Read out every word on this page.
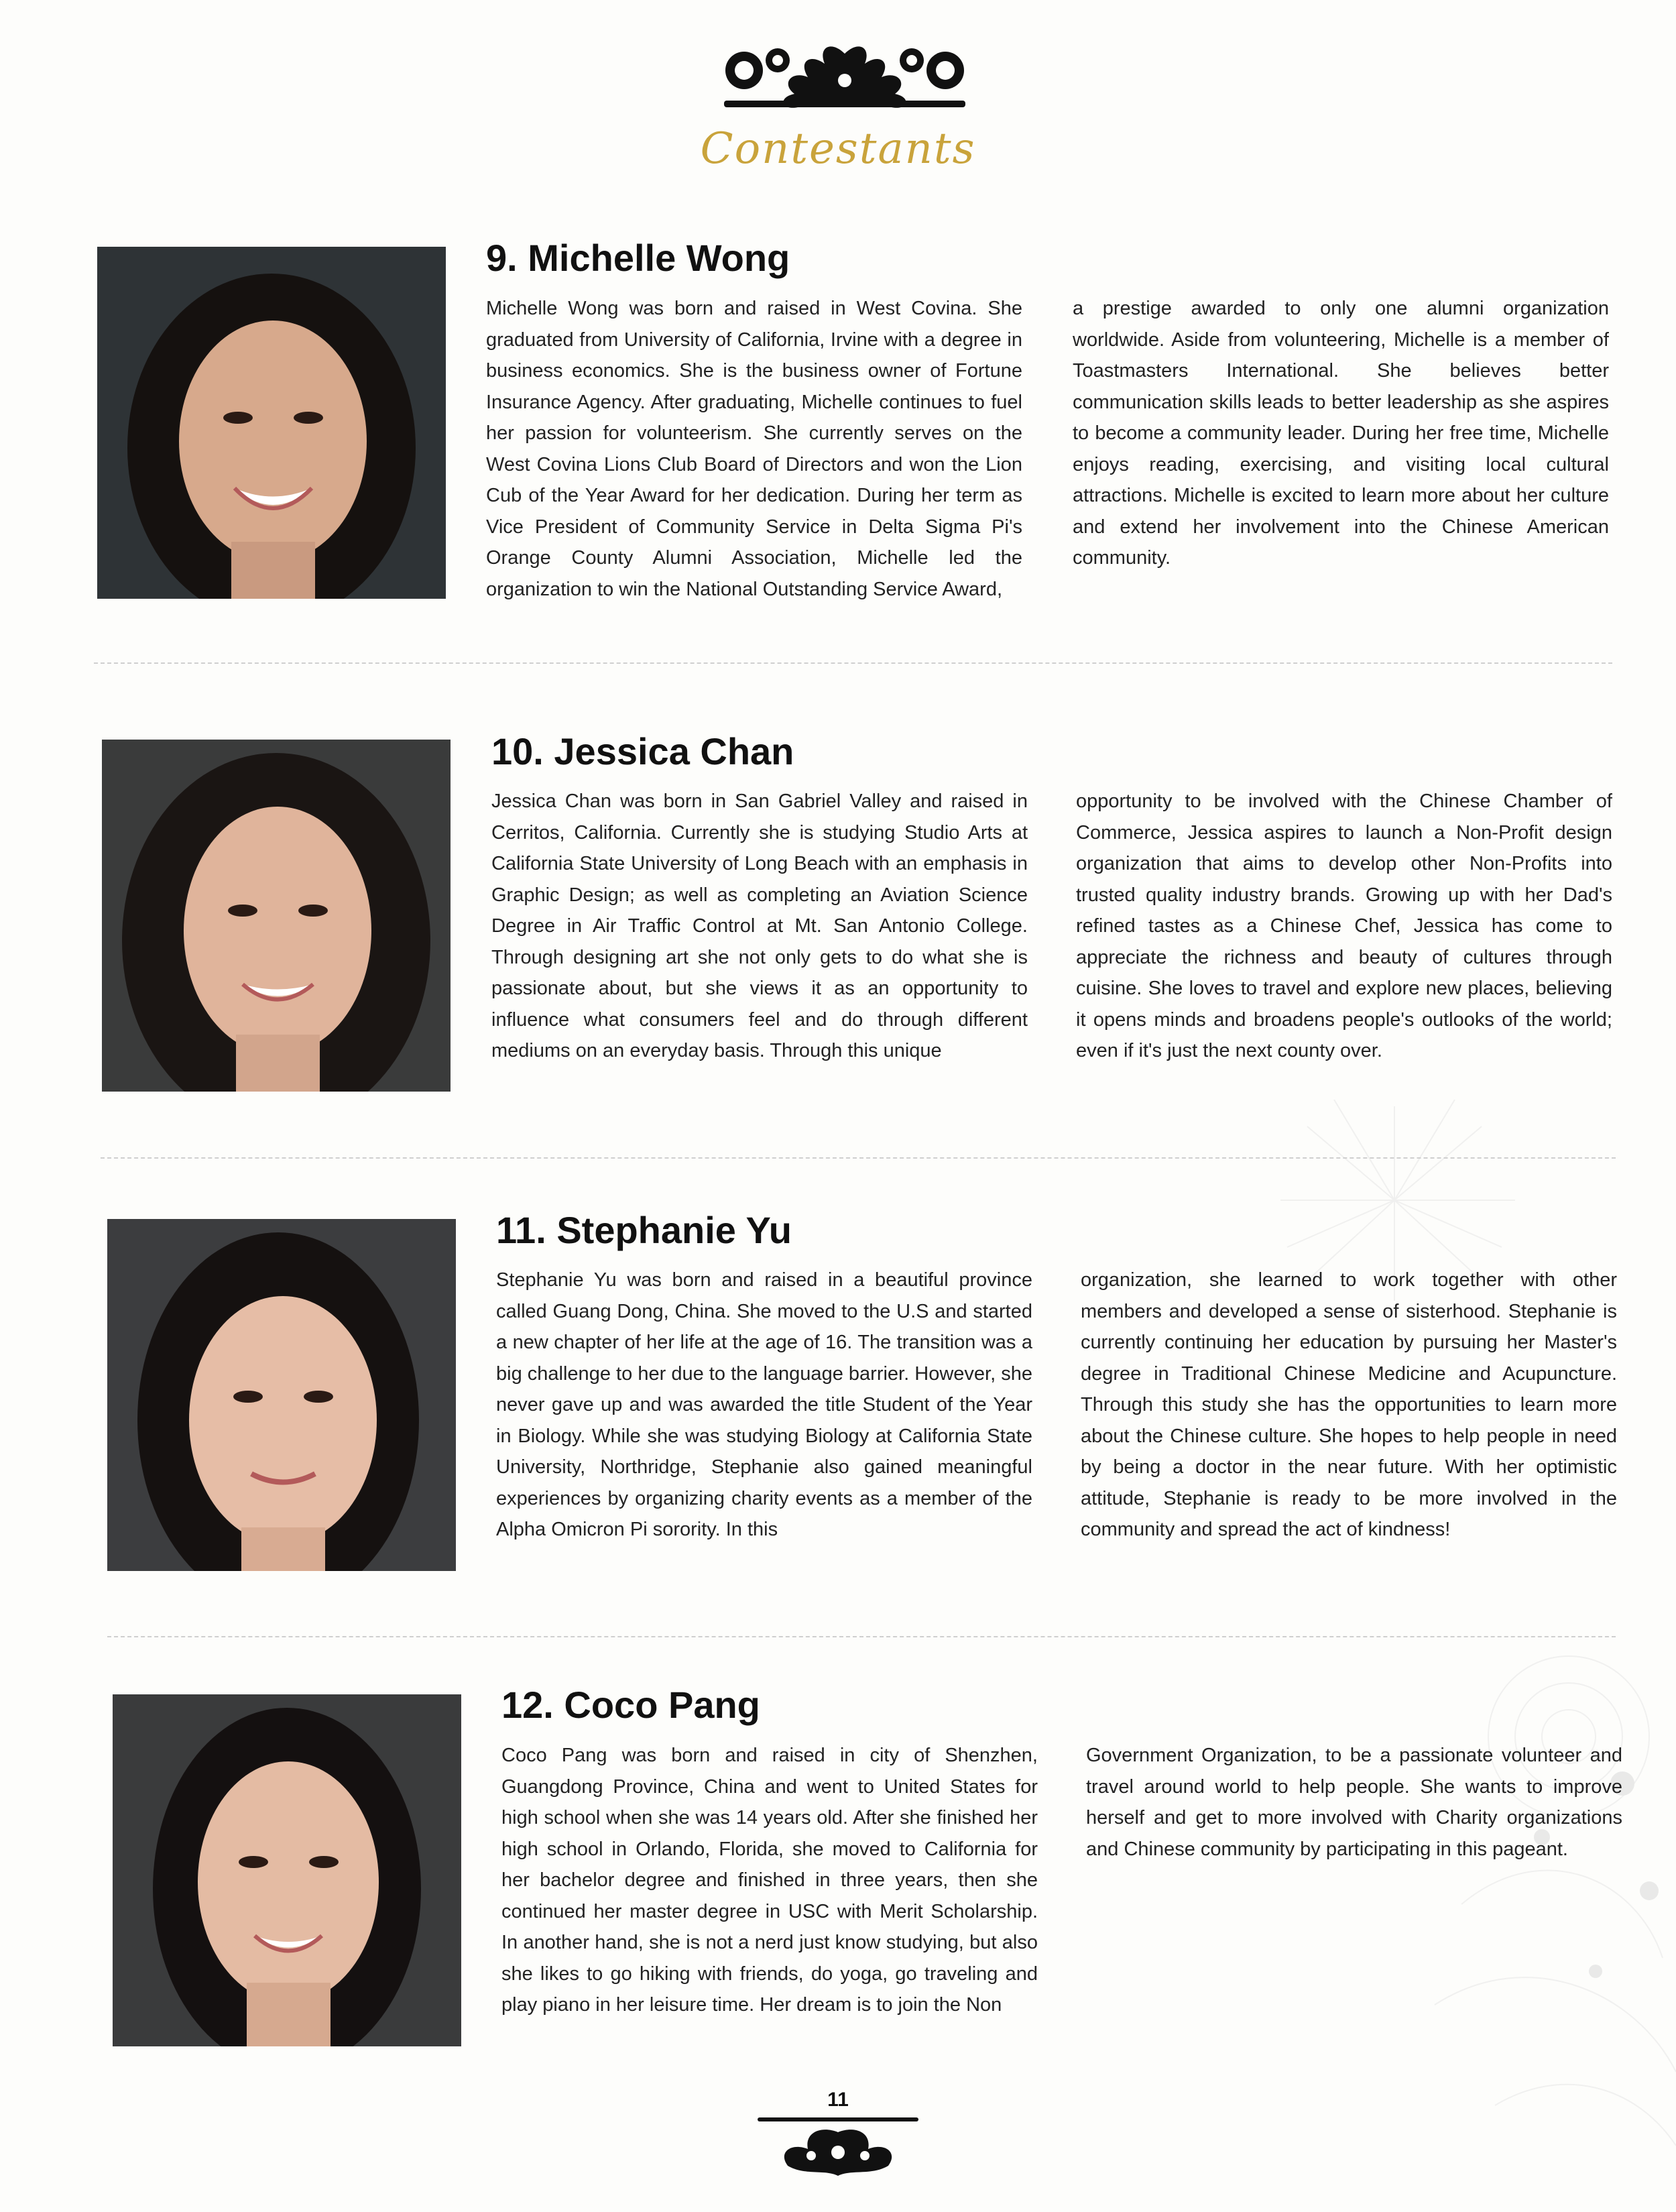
Contestants
9. Michelle Wong
Michelle Wong was born and raised in West Covina. She graduated from University of California, Irvine with a degree in business economics. She is the business owner of Fortune Insurance Agency. After graduating, Michelle continues to fuel her passion for volunteerism. She currently serves on the West Covina Lions Club Board of Directors and won the Lion Cub of the Year Award for her dedication. During her term as Vice President of Community Service in Delta Sigma Pi's Orange County Alumni Association, Michelle led the organization to win the National Outstanding Service Award,
a prestige awarded to only one alumni organization worldwide. Aside from volunteering, Michelle is a member of Toastmasters International. She believes better communication skills leads to better leadership as she aspires to become a community leader. During her free time, Michelle enjoys reading, exercising, and visiting local cultural attractions. Michelle is excited to learn more about her culture and extend her involvement into the Chinese American community.
10. Jessica Chan
Jessica Chan was born in San Gabriel Valley and raised in Cerritos, California. Currently she is studying Studio Arts at California State University of Long Beach with an emphasis in Graphic Design; as well as completing an Aviation Science Degree in Air Traffic Control at Mt. San Antonio College. Through designing art she not only gets to do what she is passionate about, but she views it as an opportunity to influence what consumers feel and do through different mediums on an everyday basis. Through this unique
opportunity to be involved with the Chinese Chamber of Commerce, Jessica aspires to launch a Non-Profit design organization that aims to develop other Non-Profits into trusted quality industry brands. Growing up with her Dad's refined tastes as a Chinese Chef, Jessica has come to appreciate the richness and beauty of cultures through cuisine. She loves to travel and explore new places, believing it opens minds and broadens people's outlooks of the world; even if it's just the next county over.
11. Stephanie Yu
Stephanie Yu was born and raised in a beautiful province called Guang Dong, China. She moved to the U.S and started a new chapter of her life at the age of 16. The transition was a big challenge to her due to the language barrier. However, she never gave up and was awarded the title Student of the Year in Biology. While she was studying Biology at California State University, Northridge, Stephanie also gained meaningful experiences by organizing charity events as a member of the Alpha Omicron Pi sorority. In this
organization, she learned to work together with other members and developed a sense of sisterhood. Stephanie is currently continuing her education by pursuing her Master's degree in Traditional Chinese Medicine and Acupuncture. Through this study she has the opportunities to learn more about the Chinese culture. She hopes to help people in need by being a doctor in the near future. With her optimistic attitude, Stephanie is ready to be more involved in the community and spread the act of kindness!
12. Coco Pang
Coco Pang was born and raised in city of Shenzhen, Guangdong Province, China and went to United States for high school when she was 14 years old. After she finished her high school in Orlando, Florida, she moved to California for her bachelor degree and finished in three years, then she continued her master degree in USC with Merit Scholarship. In another hand, she is not a nerd just know studying, but also she likes to go hiking with friends, do yoga, go traveling and play piano in her leisure time. Her dream is to join the Non
Government Organization, to be a passionate volunteer and travel around world to help people. She wants to improve herself and get to more involved with Charity organizations and Chinese community by participating in this pageant.
11
